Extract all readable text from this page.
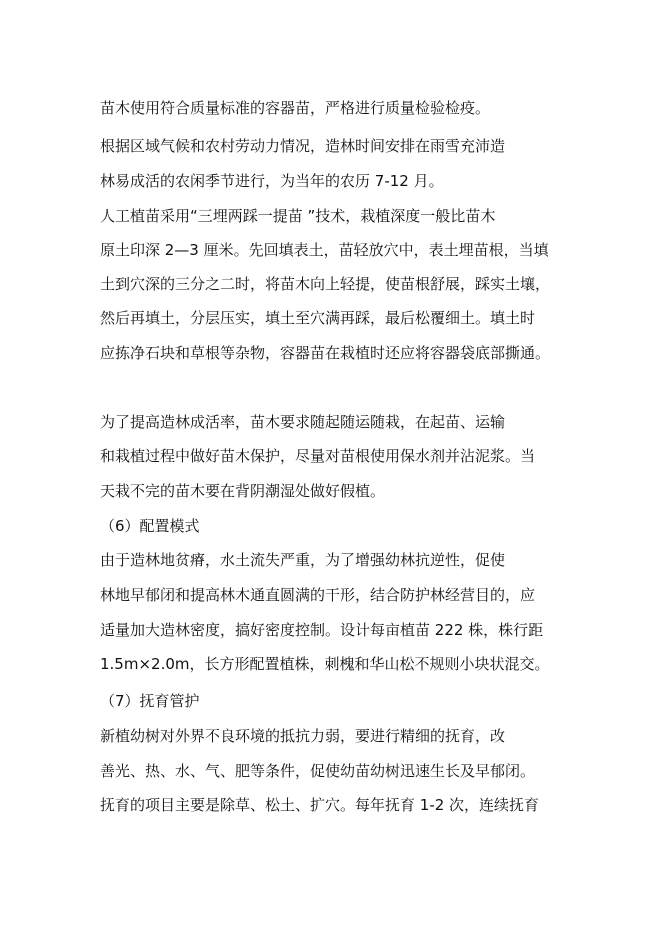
苗木使用符合质量标准的容器苗，严格进行质量检验检疫。
根据区域气候和农村劳动力情况，造林时间安排在雨雪充沛造
林易成活的农闲季节进行，为当年的农历 7-12 月。
人工植苗采用“三埋两踩一提苗 ”技术，栽植深度一般比苗木
原土印深 2—3 厘米。先回填表土，苗轻放穴中，表土埋苗根，当填
土到穴深的三分之二时，将苗木向上轻提，使苗根舒展，踩实土壤，
然后再填土，分层压实，填土至穴满再踩，最后松覆细土。填土时
应拣净石块和草根等杂物，容器苗在栽植时还应将容器袋底部撕通。
为了提高造林成活率，苗木要求随起随运随栽，在起苗、运输
和栽植过程中做好苗木保护，尽量对苗根使用保水剂并沾泥浆。当
天栽不完的苗木要在背阴潮湿处做好假植。
（6）配置模式
由于造林地贫瘠，水土流失严重，为了增强幼林抗逆性，促使
林地早郁闭和提高林木通直圆满的干形，结合防护林经营目的，应
适量加大造林密度，搞好密度控制。设计每亩植苗 222 株，株行距
1.5m×2.0m，长方形配置植株，刺槐和华山松不规则小块状混交。
（7）抚育管护
新植幼树对外界不良环境的抵抗力弱，要进行精细的抚育，改
善光、热、水、气、肥等条件，促使幼苗幼树迅速生长及早郁闭。
抚育的项目主要是除草、松土、扩穴。每年抚育 1-2 次，连续抚育
